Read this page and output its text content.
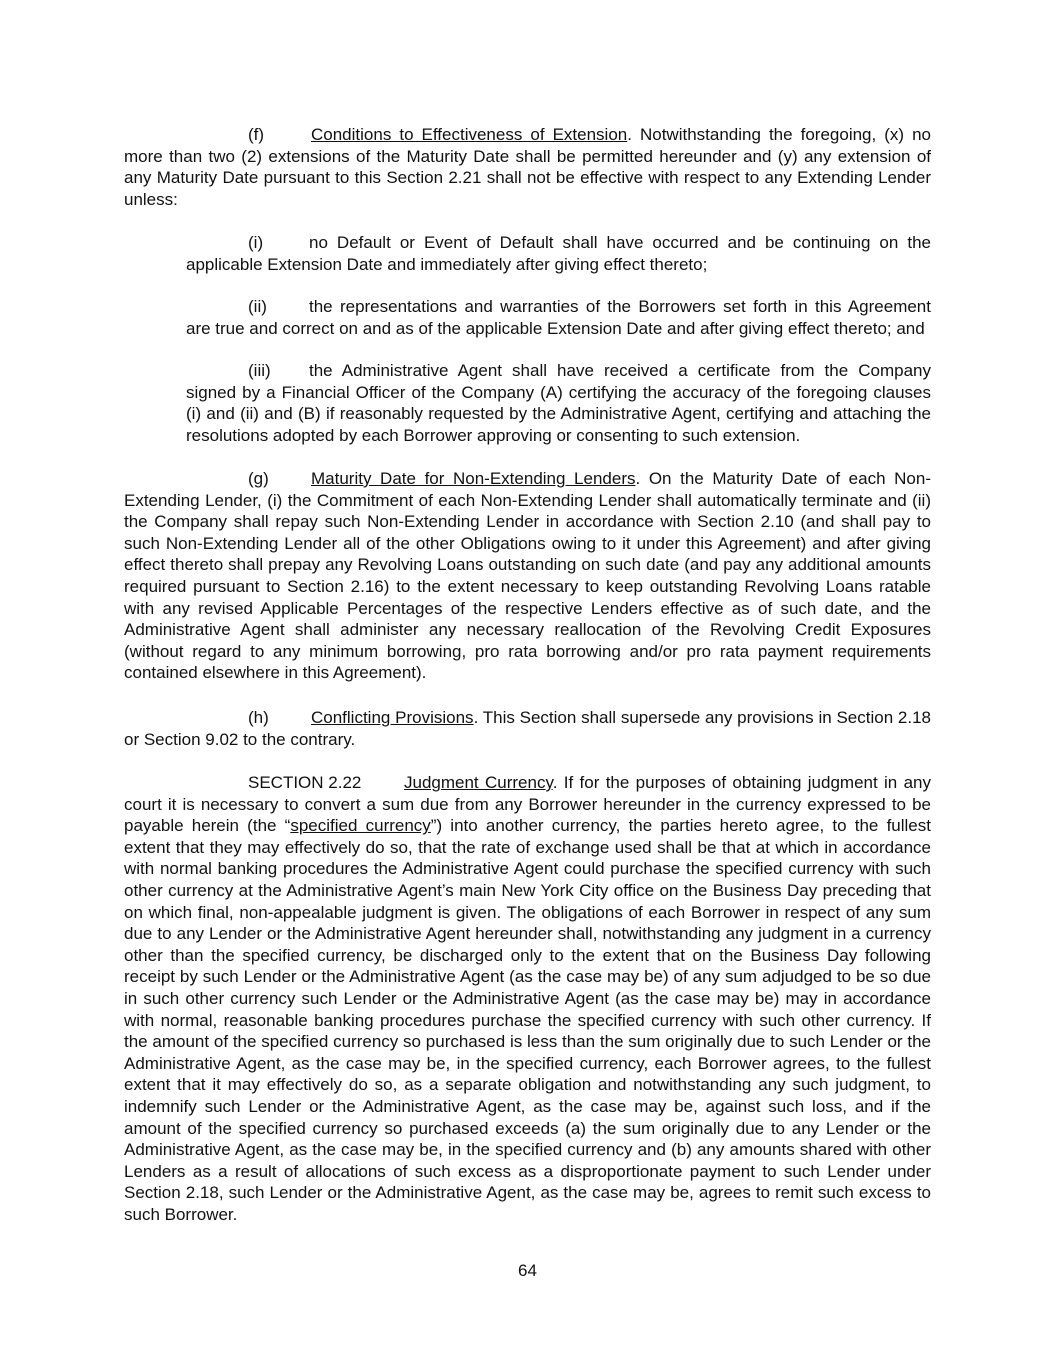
(f)	Conditions to Effectiveness of Extension. Notwithstanding the foregoing, (x) no more than two (2) extensions of the Maturity Date shall be permitted hereunder and (y) any extension of any Maturity Date pursuant to this Section 2.21 shall not be effective with respect to any Extending Lender unless:

(i)	no Default or Event of Default shall have occurred and be continuing on the applicable Extension Date and immediately after giving effect thereto;

(ii) the representations and warranties of the Borrowers set forth in this Agreement are true and correct on and as of the applicable Extension Date and after giving effect thereto; and

(iii) the Administrative Agent shall have received a certificate from the Company signed by a Financial Officer of the Company (A) certifying the accuracy of the foregoing clauses (i) and (ii) and (B) if reasonably requested by the Administrative Agent, certifying and attaching the resolutions adopted by each Borrower approving or consenting to such extension.

(g) Maturity Date for Non-Extending Lenders. On the Maturity Date of each Non-Extending Lender, (i) the Commitment of each Non-Extending Lender shall automatically terminate and (ii) the Company shall repay such Non-Extending Lender in accordance with Section 2.10 (and shall pay to such Non-Extending Lender all of the other Obligations owing to it under this Agreement) and after giving effect thereto shall prepay any Revolving Loans outstanding on such date (and pay any additional amounts required pursuant to Section 2.16) to the extent necessary to keep outstanding Revolving Loans ratable with any revised Applicable Percentages of the respective Lenders effective as of such date, and the Administrative Agent shall administer any necessary reallocation of the Revolving Credit Exposures (without regard to any minimum borrowing, pro rata borrowing and/or pro rata payment requirements contained elsewhere in this Agreement).

(h) Conflicting Provisions. This Section shall supersede any provisions in Section 2.18 or Section 9.02 to the contrary.

SECTION 2.22	Judgment Currency. If for the purposes of obtaining judgment in any court it is necessary to convert a sum due from any Borrower hereunder in the currency expressed to be payable herein (the “specified currency”) into another currency, the parties hereto agree, to the fullest extent that they may effectively do so, that the rate of exchange used shall be that at which in accordance with normal banking procedures the Administrative Agent could purchase the specified currency with such other currency at the Administrative Agent’s main New York City office on the Business Day preceding that on which final, non-appealable judgment is given. The obligations of each Borrower in respect of any sum due to any Lender or the Administrative Agent hereunder shall, notwithstanding any judgment in a currency other than the specified currency, be discharged only to the extent that on the Business Day following receipt by such Lender or the Administrative Agent (as the case may be) of any sum adjudged to be so due in such other currency such Lender or the Administrative Agent (as the case may be) may in accordance with normal, reasonable banking procedures purchase the specified currency with such other currency. If the amount of the specified currency so purchased is less than the sum originally due to such Lender or the Administrative Agent, as the case may be, in the specified currency, each Borrower agrees, to the fullest extent that it may effectively do so, as a separate obligation and notwithstanding any such judgment, to indemnify such Lender or the Administrative Agent, as the case may be, against such loss, and if the amount of the specified currency so purchased exceeds (a) the sum originally due to any Lender or the Administrative Agent, as the case may be, in the specified currency and (b) any amounts shared with other Lenders as a result of allocations of such excess as a disproportionate payment to such Lender under Section 2.18, such Lender or the Administrative Agent, as the case may be, agrees to remit such excess to such Borrower.

64
